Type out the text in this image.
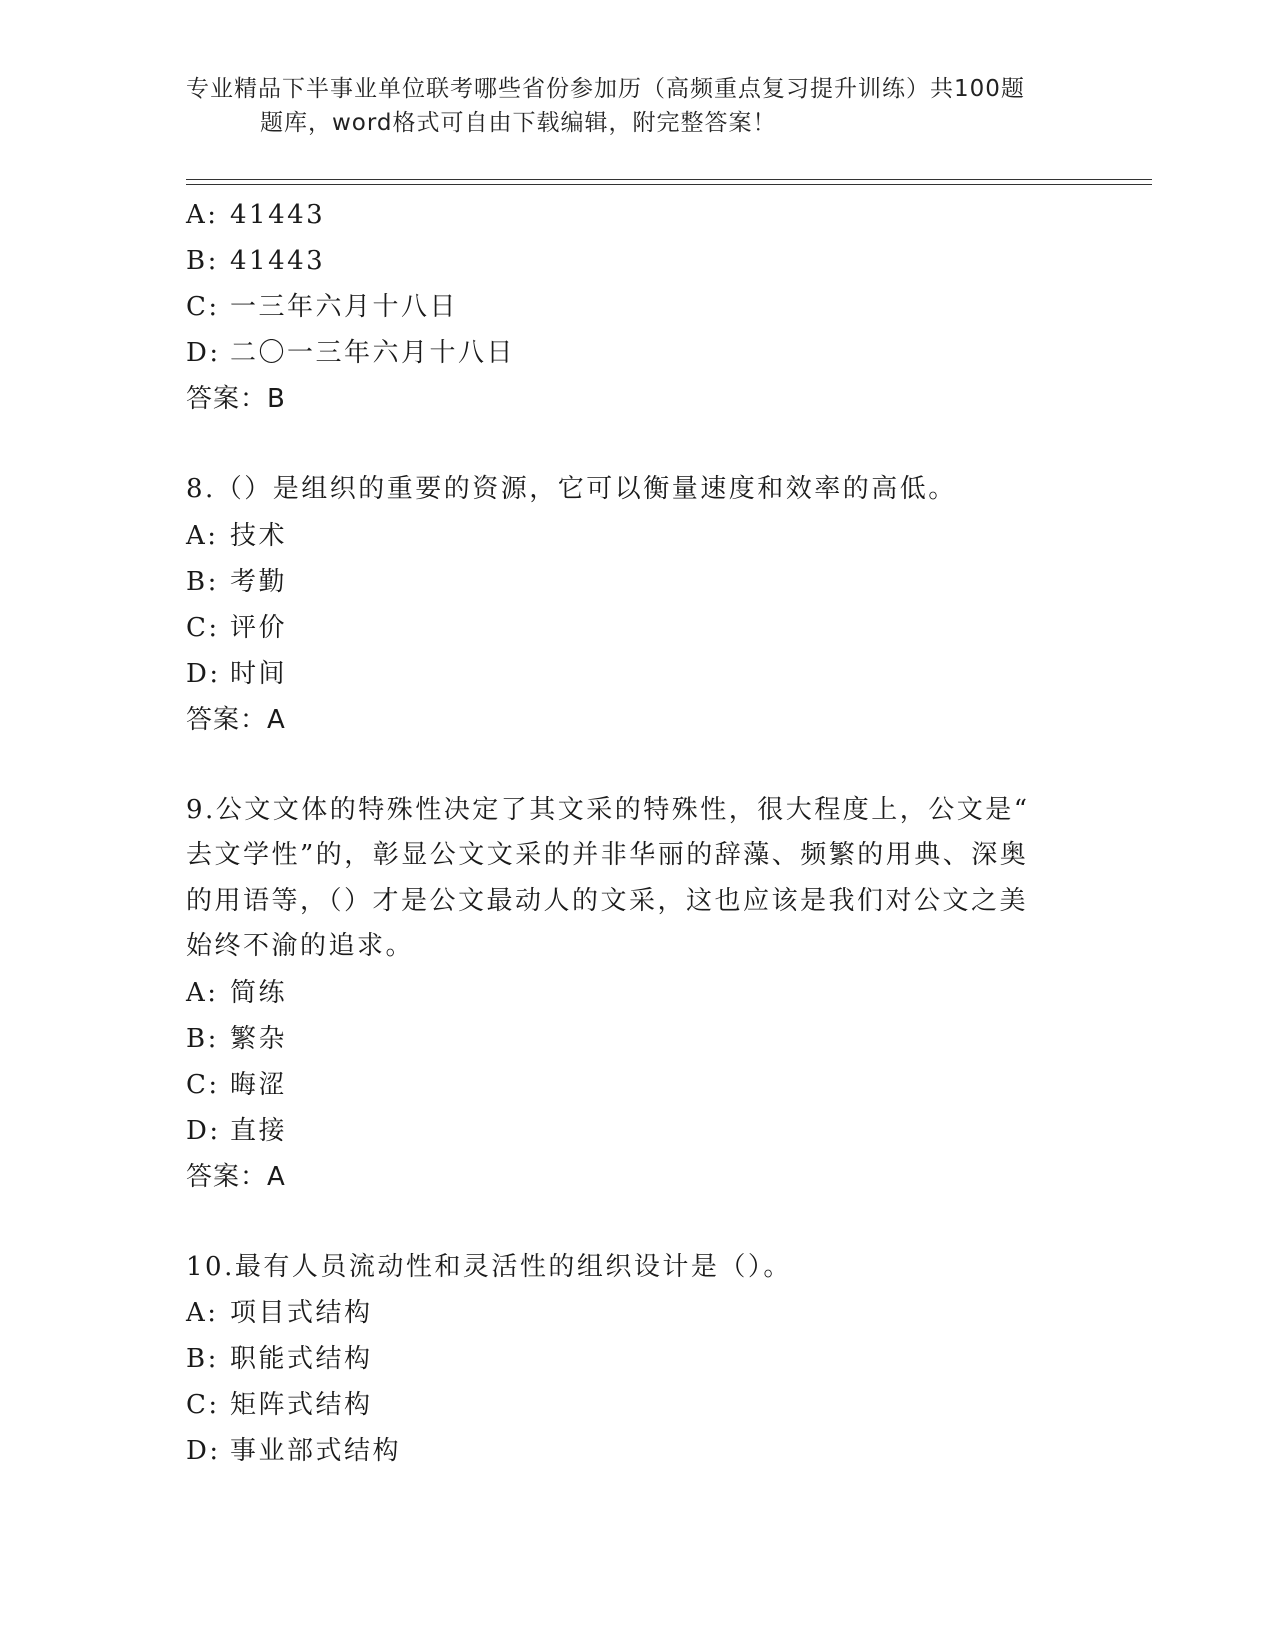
专业精品下半事业单位联考哪些省份参加历（高频重点复习提升训练）共100题
题库，word格式可自由下载编辑，附完整答案！
A: 41443
B: 41443
C: 一三年六月十八日
D: 二〇一三年六月十八日
答案：B
8.（）是组织的重要的资源，它可以衡量速度和效率的高低。
A: 技术
B: 考勤
C: 评价
D: 时间
答案：A
9.公文文体的特殊性决定了其文采的特殊性，很大程度上，公文是“
去文学性”的，彰显公文文采的并非华丽的辞藻、频繁的用典、深奥
的用语等，（）才是公文最动人的文采，这也应该是我们对公文之美
始终不渝的追求。
A: 简练
B: 繁杂
C: 晦涩
D: 直接
答案：A
10.最有人员流动性和灵活性的组织设计是（）。
A: 项目式结构
B: 职能式结构
C: 矩阵式结构
D: 事业部式结构
